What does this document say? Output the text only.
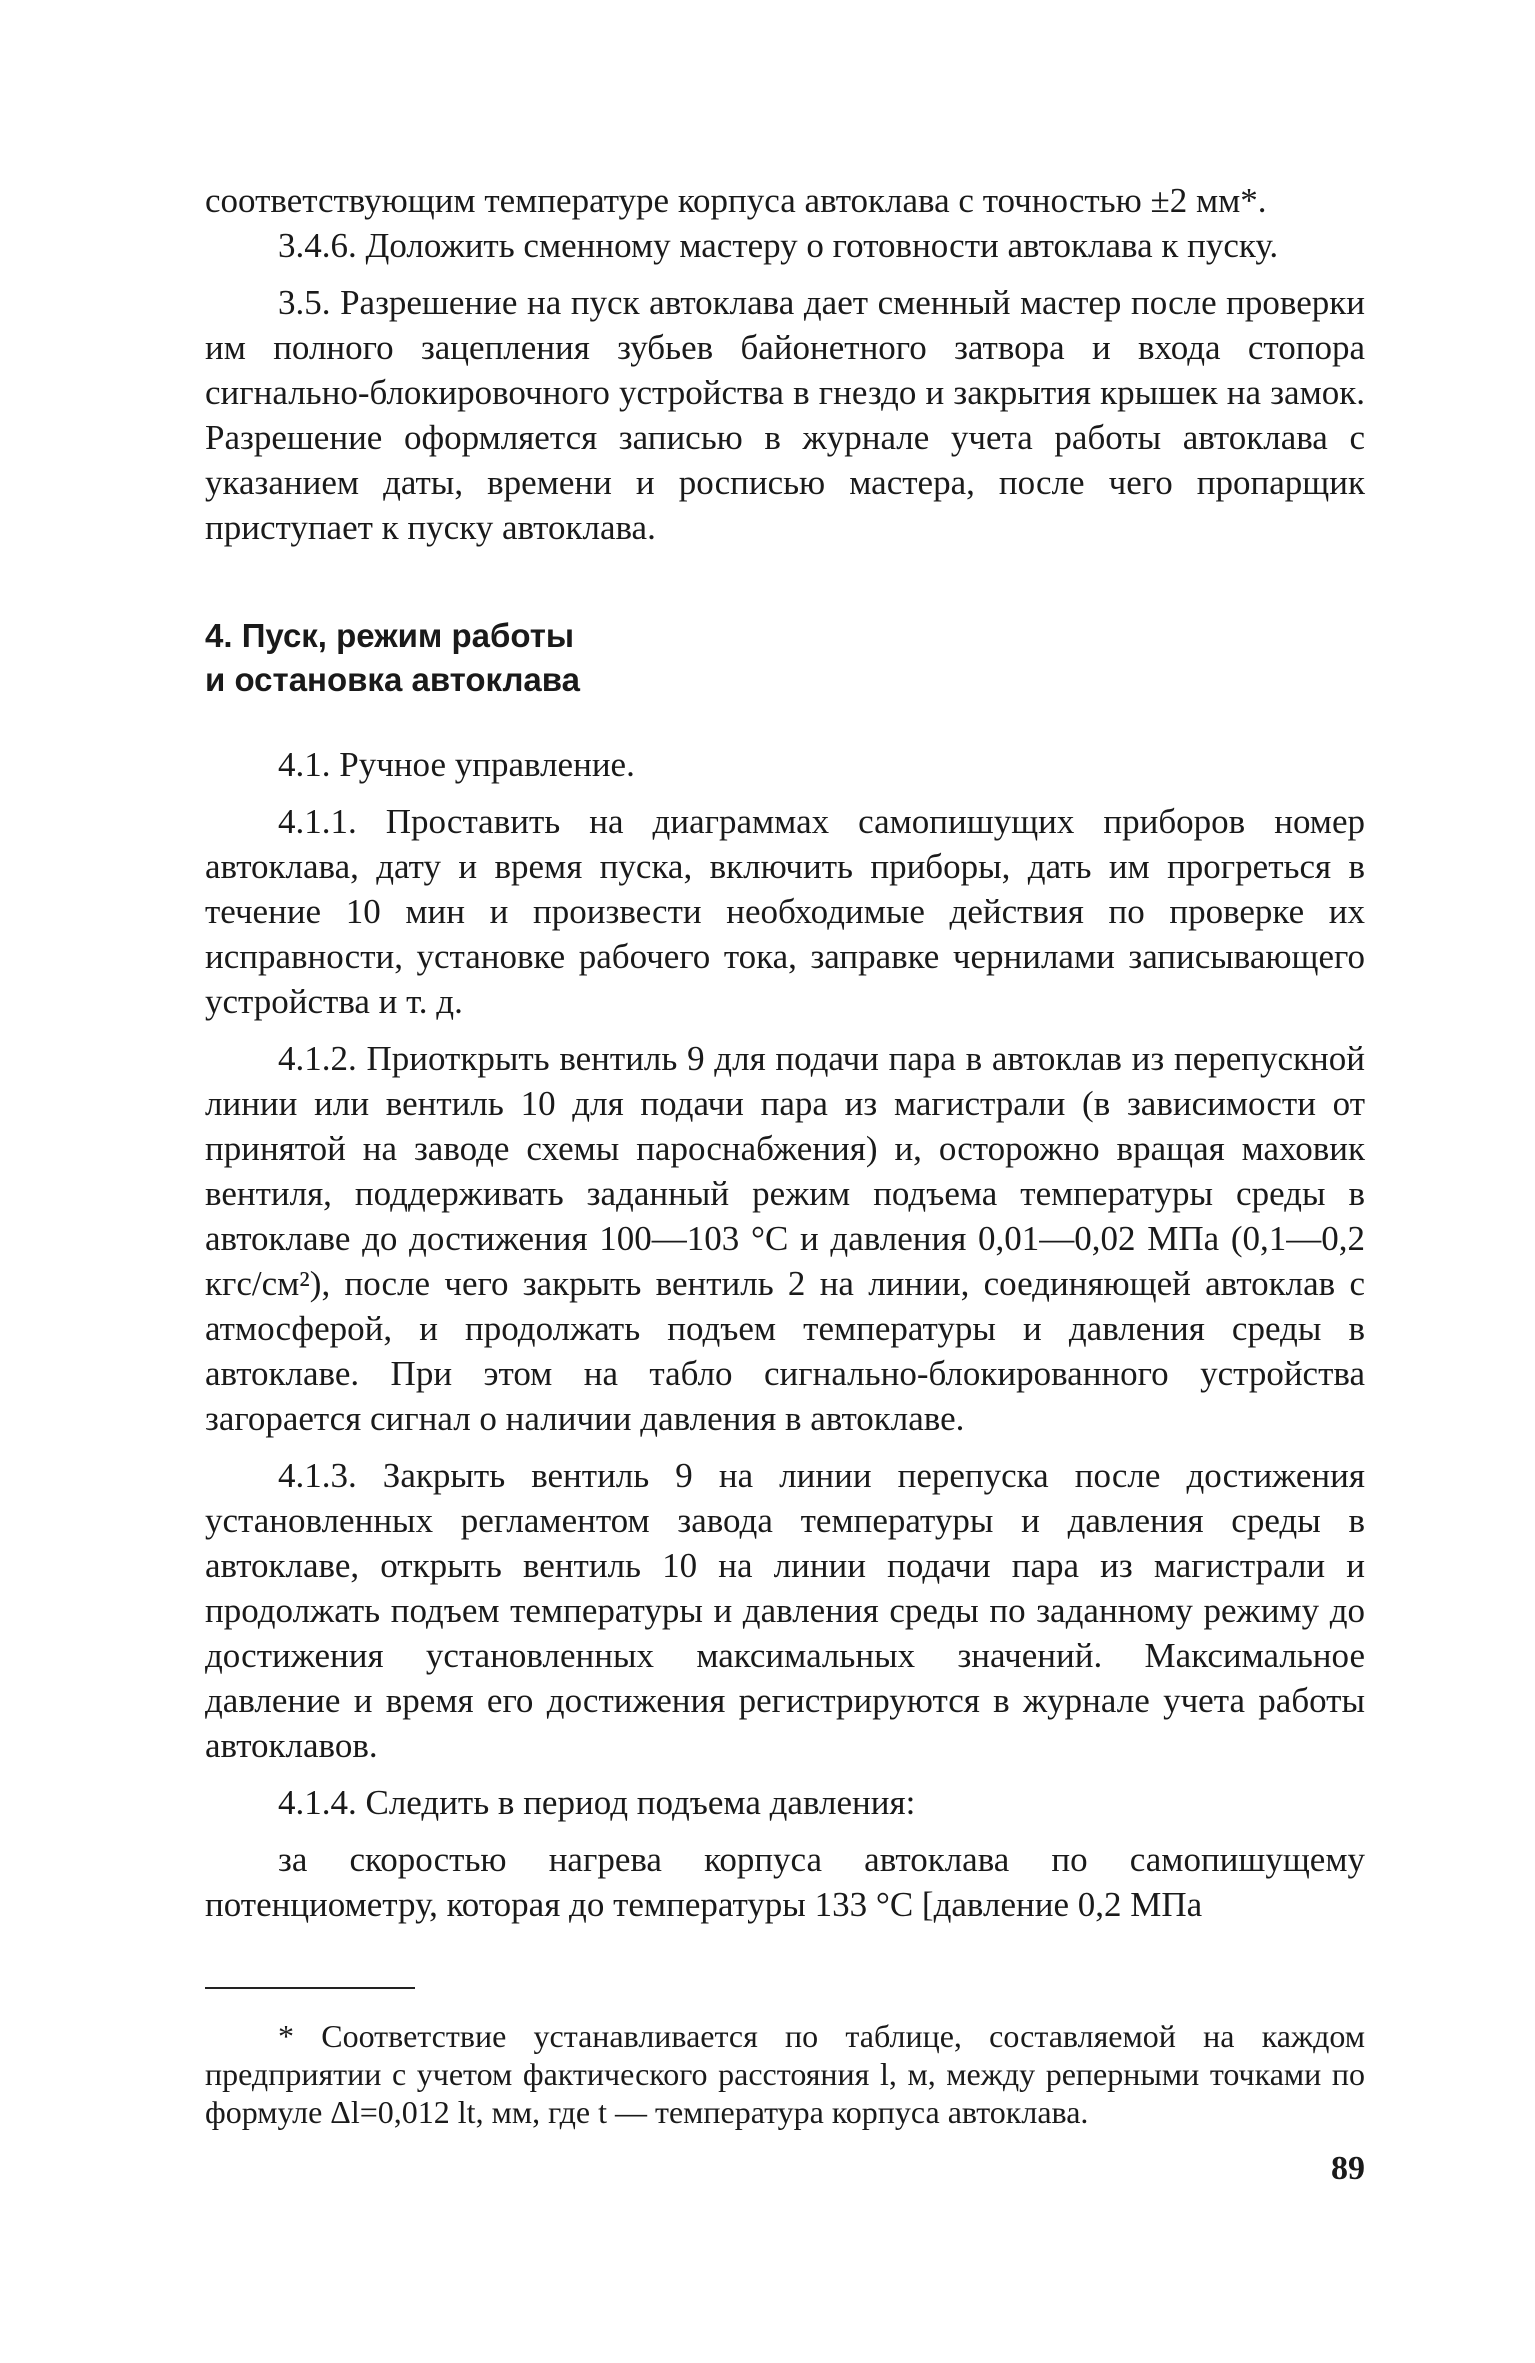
соответствующим температуре корпуса автоклава с точностью ±2 мм*.

3.4.6. Доложить сменному мастеру о готовности автоклава к пуску.

3.5. Разрешение на пуск автоклава дает сменный мастер после проверки им полного зацепления зубьев байонетного затвора и входа стопора сигнально-блокировочного устройства в гнездо и закрытия крышек на замок. Разрешение оформляется записью в журнале учета работы автоклава с указанием даты, времени и росписью мастера, после чего пропарщик приступает к пуску автоклава.

4. Пуск, режим работы
и остановка автоклава

4.1. Ручное управление.

4.1.1. Проставить на диаграммах самопишущих приборов номер автоклава, дату и время пуска, включить приборы, дать им прогреться в течение 10 мин и произвести необходимые действия по проверке их исправности, установке рабочего тока, заправке чернилами записывающего устройства и т. д.

4.1.2. Приоткрыть вентиль 9 для подачи пара в автоклав из перепускной линии или вентиль 10 для подачи пара из магистрали (в зависимости от принятой на заводе схемы пароснабжения) и, осторожно вращая маховик вентиля, поддерживать заданный режим подъема температуры среды в автоклаве до достижения 100—103 °С и давления 0,01—0,02 МПа (0,1—0,2 кгс/см²), после чего закрыть вентиль 2 на линии, соединяющей автоклав с атмосферой, и продолжать подъем температуры и давления среды в автоклаве. При этом на табло сигнально-блокированного устройства загорается сигнал о наличии давления в автоклаве.

4.1.3. Закрыть вентиль 9 на линии перепуска после достижения установленных регламентом завода температуры и давления среды в автоклаве, открыть вентиль 10 на линии подачи пара из магистрали и продолжать подъем температуры и давления среды по заданному режиму до достижения установленных максимальных значений. Максимальное давление и время его достижения регистрируются в журнале учета работы автоклавов.

4.1.4. Следить в период подъема давления:

за скоростью нагрева корпуса автоклава по самопишущему потенциометру, которая до температуры 133 °С [давление 0,2 МПа

* Соответствие устанавливается по таблице, составляемой на каждом предприятии с учетом фактического расстояния l, м, между реперными точками по формуле Δl=0,012 lt, мм, где t — температура корпуса автоклава.

89
